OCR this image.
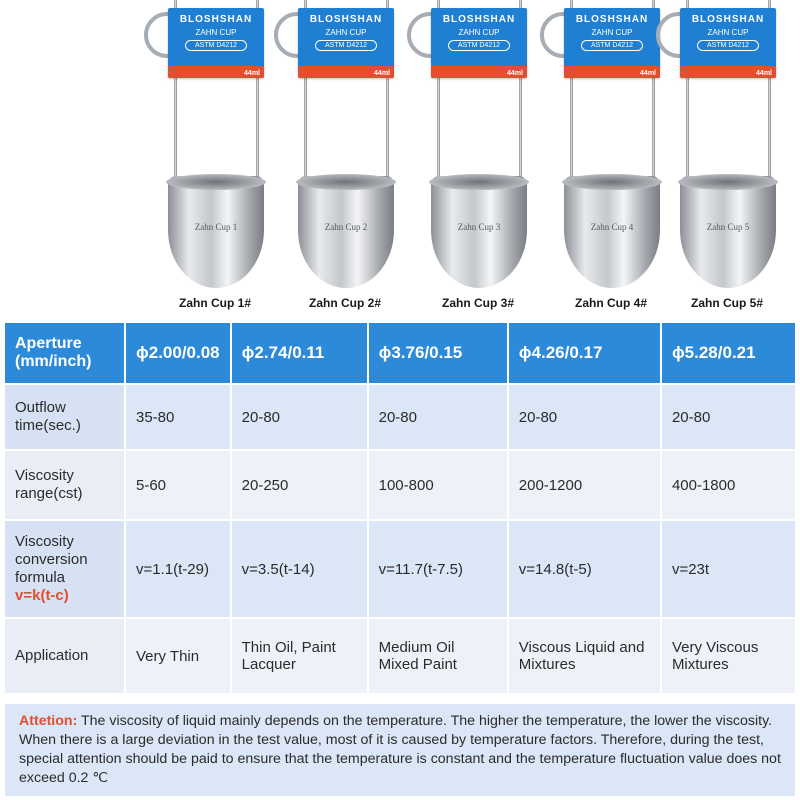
BLOSHSHAN
ZAHN CUP
ASTM D4212
44ml
Zahn Cup 1
Zahn Cup 1#
BLOSHSHAN
ZAHN CUP
ASTM D4212
44ml
Zahn Cup 2
Zahn Cup 2#
BLOSHSHAN
ZAHN CUP
ASTM D4212
44ml
Zahn Cup 3
Zahn Cup 3#
BLOSHSHAN
ZAHN CUP
ASTM D4212
44ml
Zahn Cup 4
Zahn Cup 4#
BLOSHSHAN
ZAHN CUP
ASTM D4212
44ml
Zahn Cup 5
Zahn Cup 5#
Aperture (mm/inch)	ϕ2.00/0.08	ϕ2.74/0.11	ϕ3.76/0.15	ϕ4.26/0.17	ϕ5.28/0.21
Outflow time(sec.)	35-80	20-80	20-80	20-80	20-80
Viscosity range(cst)	5-60	20-250	100-800	200-1200	400-1800
Viscosity conversion formula
v=k(t-c)	v=1.1(t-29)	v=3.5(t-14)	v=11.7(t-7.5)	v=14.8(t-5)	v=23t
Application	Very Thin	Thin Oil, Paint Lacquer	Medium Oil Mixed Paint	Viscous Liquid and Mixtures	Very Viscous Mixtures
Attetion: The viscosity of liquid mainly depends on the temperature. The higher the temperature, the lower the viscosity. When there is a large deviation in the test value, most of it is caused by temperature factors. Therefore, during the test, special attention should be paid to ensure that the temperature is constant and the temperature fluctuation value does not exceed 0.2 ℃
